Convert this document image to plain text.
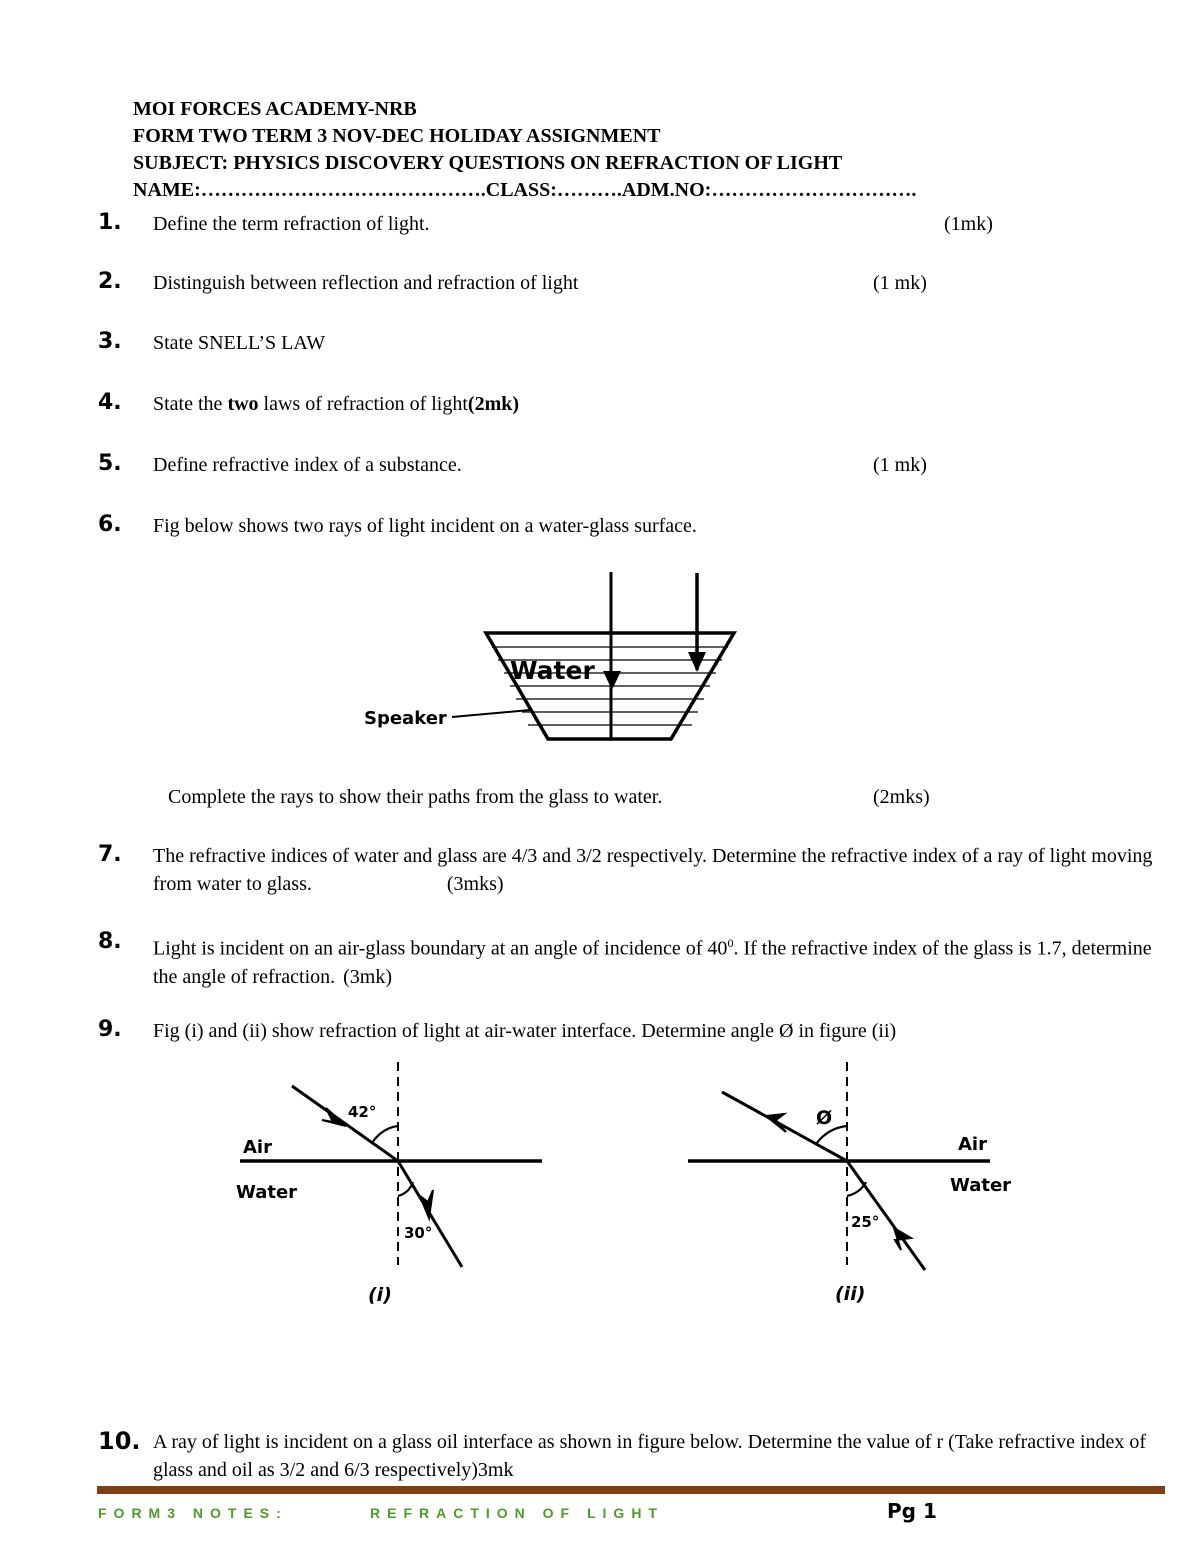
MOI FORCES ACADEMY-NRB
FORM TWO TERM 3 NOV-DEC HOLIDAY ASSIGNMENT
SUBJECT: PHYSICS DISCOVERY QUESTIONS ON REFRACTION OF LIGHT
NAME:…………………………………….CLASS:……….ADM.NO:………………………….
1. Define the term refraction of light.	(1mk)
2. Distinguish between reflection and refraction of light	(1 mk)
3. State SNELL’S LAW
4. State the two laws of refraction of light(2mk)
5. Define refractive index of a substance.	(1 mk)
6. Fig below shows two rays of light incident on a water-glass surface.
Water
Speaker
Complete the rays to show their paths from the glass to water.	(2mks)
7. The refractive indices of water and glass are 4/3 and 3/2 respectively. Determine the refractive index of a ray of light moving from water to glass.	(3mks)
8. Light is incident on an air-glass boundary at an angle of incidence of $40^0$. If the refractive index of the glass is 1.7, determine the angle of refraction. (3mk)
9. Fig (i) and (ii) show refraction of light at air-water interface. Determine angle Ø in figure (ii)
Air
Water
42°
30°
(i)
Air
Water
Ø
25°
(ii)
10. A ray of light is incident on a glass oil interface as shown in figure below. Determine the value of r (Take refractive index of glass and oil as 3/2 and 6/3 respectively)3mk
FORM3 NOTES:	REFRACTION OF LIGHT	Pg 1
